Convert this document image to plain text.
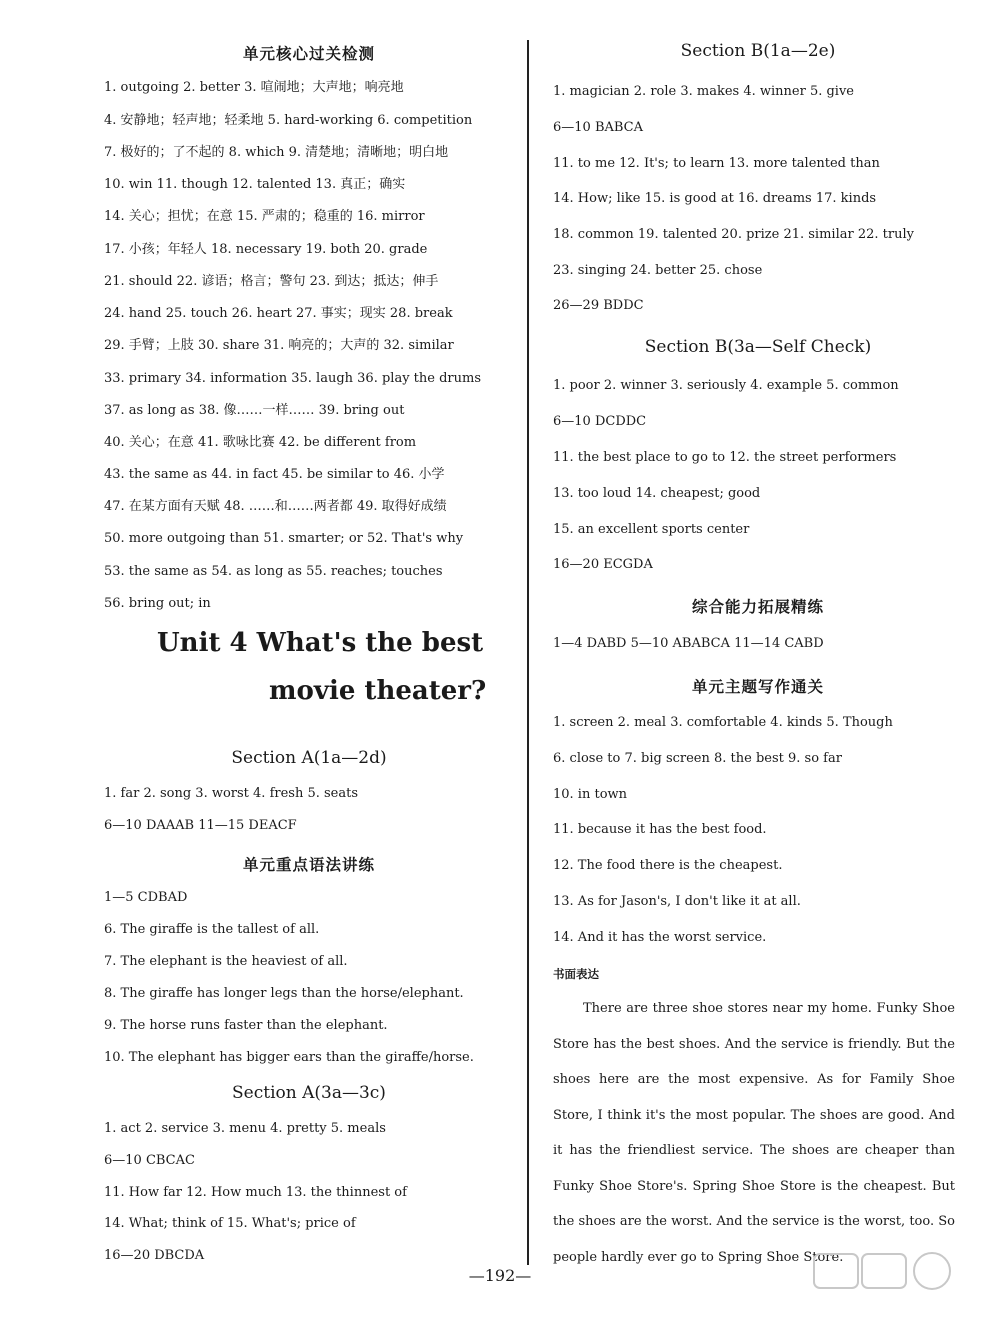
单元核心过关检测
1. outgoing 2. better 3. 喧闹地；大声地；响亮地
4. 安静地；轻声地；轻柔地 5. hard-working 6. competition
7. 极好的；了不起的 8. which 9. 清楚地；清晰地；明白地
10. win 11. though 12. talented 13. 真正；确实
14. 关心；担忧；在意 15. 严肃的；稳重的 16. mirror
17. 小孩；年轻人 18. necessary 19. both 20. grade
21. should 22. 谚语；格言；警句 23. 到达；抵达；伸手
24. hand 25. touch 26. heart 27. 事实；现实 28. break
29. 手臂；上肢 30. share 31. 响亮的；大声的 32. similar
33. primary 34. information 35. laugh 36. play the drums
37. as long as 38. 像……一样…… 39. bring out
40. 关心；在意 41. 歌咏比赛 42. be different from
43. the same as 44. in fact 45. be similar to 46. 小学
47. 在某方面有天赋 48. ……和……两者都 49. 取得好成绩
50. more outgoing than 51. smarter; or 52. That's why
53. the same as 54. as long as 55. reaches; touches
56. bring out; in
Unit 4 What's the best
movie theater?
Section A(1a—2d)
1. far 2. song 3. worst 4. fresh 5. seats
6—10 DAAAB 11—15 DEACF
单元重点语法讲练
1—5 CDBAD
6. The giraffe is the tallest of all.
7. The elephant is the heaviest of all.
8. The giraffe has longer legs than the horse/elephant.
9. The horse runs faster than the elephant.
10. The elephant has bigger ears than the giraffe/horse.
Section A(3a—3c)
1. act 2. service 3. menu 4. pretty 5. meals
6—10 CBCAC
11. How far 12. How much 13. the thinnest of
14. What; think of 15. What's; price of
16—20 DBCDA
Section B(1a—2e)
1. magician 2. role 3. makes 4. winner 5. give
6—10 BABCA
11. to me 12. It's; to learn 13. more talented than
14. How; like 15. is good at 16. dreams 17. kinds
18. common 19. talented 20. prize 21. similar 22. truly
23. singing 24. better 25. chose
26—29 BDDC
Section B(3a—Self Check)
1. poor 2. winner 3. seriously 4. example 5. common
6—10 DCDDC
11. the best place to go to 12. the street performers
13. too loud 14. cheapest; good
15. an excellent sports center
16—20 ECGDA
综合能力拓展精练
1—4 DABD 5—10 ABABCA 11—14 CABD
单元主题写作通关
1. screen 2. meal 3. comfortable 4. kinds 5. Though
6. close to 7. big screen 8. the best 9. so far
10. in town
11. because it has the best food.
12. The food there is the cheapest.
13. As for Jason's, I don't like it at all.
14. And it has the worst service.
书面表达
There are three shoe stores near my home. Funky Shoe Store has the best shoes. And the service is friendly. But the shoes here are the most expensive. As for Family Shoe Store, I think it's the most popular. The shoes are good. And it has the friendliest service. The shoes are cheaper than Funky Shoe Store's. Spring Shoe Store is the cheapest. But the shoes are the worst. And the service is the worst, too. So people hardly ever go to Spring Shoe Store.
—192—
